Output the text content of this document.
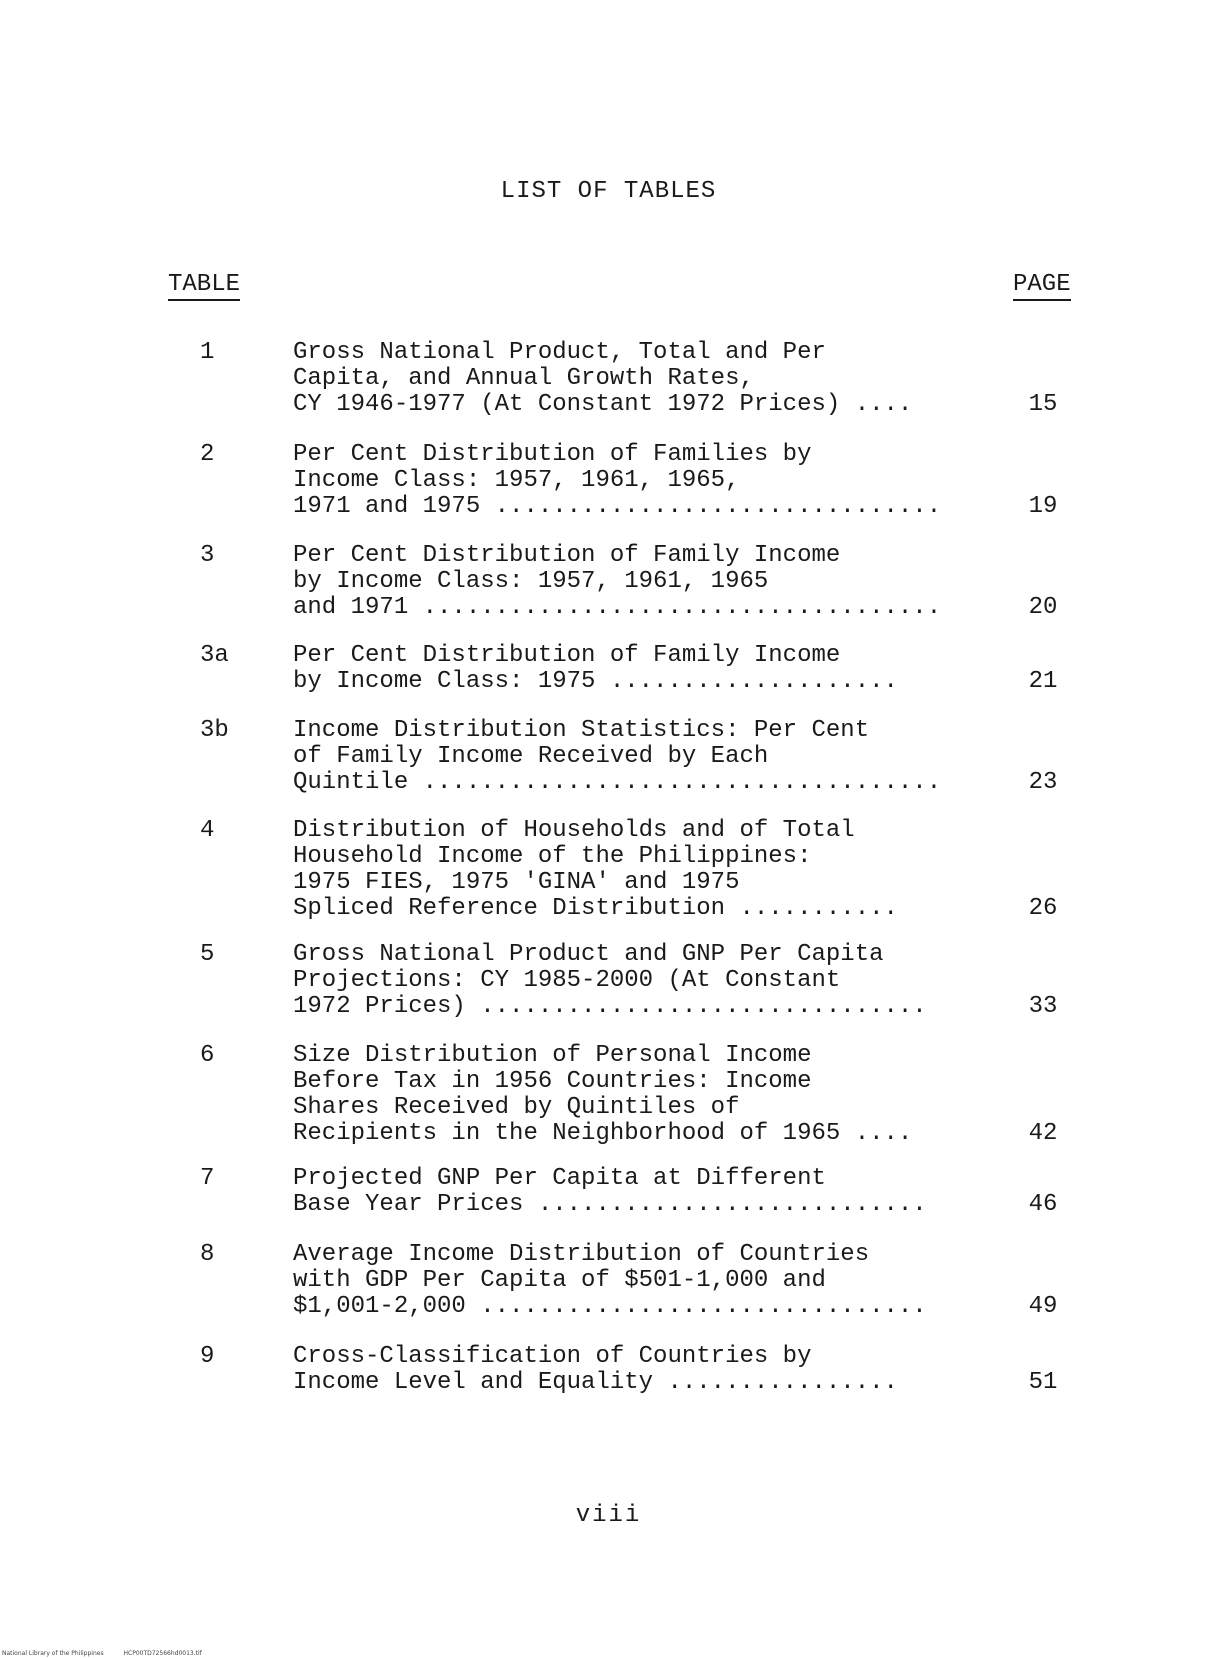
LIST OF TABLES
TABLE	PAGE
1	Gross National Product, Total and Per
Capita, and Annual Growth Rates,
CY 1946-1977 (At Constant 1972 Prices) ....	15
2	Per Cent Distribution of Families by
Income Class: 1957, 1961, 1965,
1971 and 1975 ...............................	19
3	Per Cent Distribution of Family Income
by Income Class: 1957, 1961, 1965
and 1971 ....................................	20
3a	Per Cent Distribution of Family Income
by Income Class: 1975 ....................	21
3b	Income Distribution Statistics: Per Cent
of Family Income Received by Each
Quintile ....................................	23
4	Distribution of Households and of Total
Household Income of the Philippines:
1975 FIES, 1975 'GINA' and 1975
Spliced Reference Distribution ...........	26
5	Gross National Product and GNP Per Capita
Projections: CY 1985-2000 (At Constant
1972 Prices) ...............................	33
6	Size Distribution of Personal Income
Before Tax in 1956 Countries: Income
Shares Received by Quintiles of
Recipients in the Neighborhood of 1965 ....	42
7	Projected GNP Per Capita at Different
Base Year Prices ...........................	46
8	Average Income Distribution of Countries
with GDP Per Capita of $501-1,000 and
$1,001-2,000 ...............................	49
9	Cross-Classification of Countries by
Income Level and Equality ................	51
viii
National Library of the Philippines	HCP00TD72566hd0013.tif
